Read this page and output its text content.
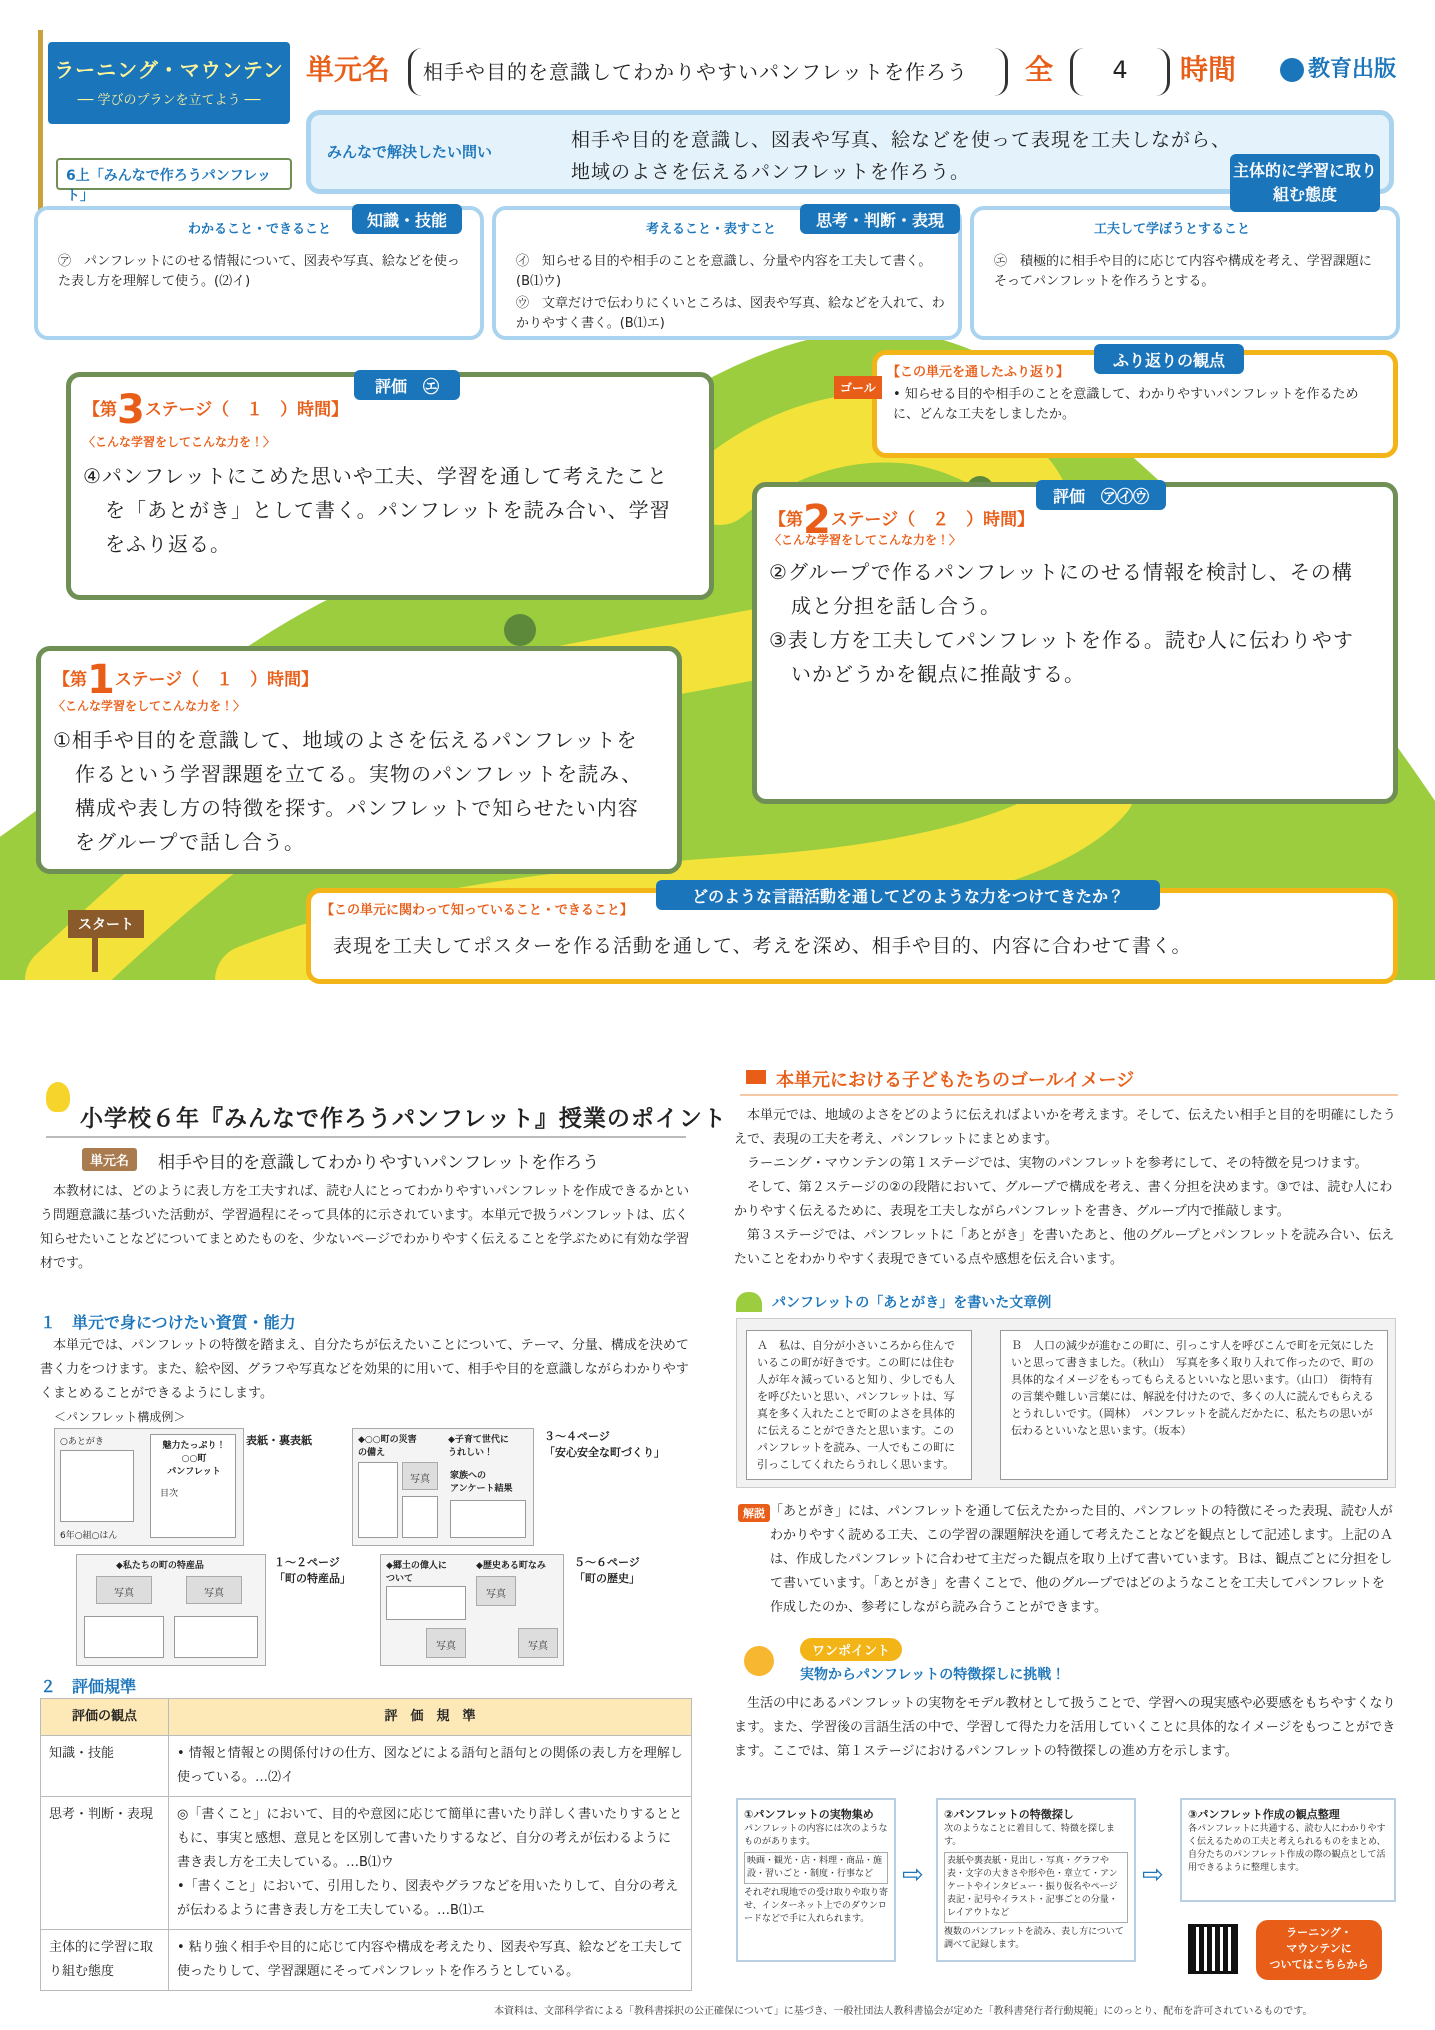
ラーニング・マウンテン
── 学びのプランを立てよう ──
6上「みんなで作ろうパンフレット」
単元名	相手や目的を意識してわかりやすいパンフレットを作ろう	全	4	時間	教育出版
みんなで解決したい問い
相手や目的を意識し、図表や写真、絵などを使って表現を工夫しながら、
地域のよさを伝えるパンフレットを作ろう。
わかること・できること
㋐　パンフレットにのせる情報について、図表や写真、絵などを使った表し方を理解して使う。(⑵イ)
知識・技能	考えること・表すこと
㋑　知らせる目的や相手のことを意識し、分量や内容を工夫して書く。(B⑴ウ)
㋒　文章だけで伝わりにくいところは、図表や写真、絵などを入れて、わかりやすく書く。(B⑴エ)
思考・判断・表現	工夫して学ぼうとすること
㋓　積極的に相手や目的に応じて内容や構成を考え、学習課題にそってパンフレットを作ろうとする。
主体的に学習に取り組む態度
【第3ステージ（　１　）時間】
〈こんな学習をしてこんな力を！〉
④パンフレットにこめた思いや工夫、学習を通して考えたこと
を「あとがき」として書く。パンフレットを読み合い、学習
をふり返る。
評価　㋓
【この単元を通したふり返り】
• 知らせる目的や相手のことを意識して、わかりやすいパンフレットを作るために、どんな工夫をしましたか。
ふり返りの観点
ゴール
【第2ステージ（　２　）時間】
〈こんな学習をしてこんな力を！〉
②グループで作るパンフレットにのせる情報を検討し、その構
成と分担を話し合う。
③表し方を工夫してパンフレットを作る。読む人に伝わりやす
いかどうかを観点に推敲する。
評価　㋐㋑㋒
【第1ステージ（　１　）時間】
〈こんな学習をしてこんな力を！〉
①相手や目的を意識して、地域のよさを伝えるパンフレットを
作るという学習課題を立てる。実物のパンフレットを読み、
構成や表し方の特徴を探す。パンフレットで知らせたい内容
をグループで話し合う。
スタート
【この単元に関わって知っていること・できること】
表現を工夫してポスターを作る活動を通して、考えを深め、相手や目的、内容に合わせて書く。
どのような言語活動を通してどのような力をつけてきたか？
小学校６年『みんなで作ろうパンフレット』授業のポイント
単元名	相手や目的を意識してわかりやすいパンフレットを作ろう
本教材には、どのように表し方を工夫すれば、読む人にとってわかりやすいパンフレットを作成できるかという問題意識に基づいた活動が、学習過程にそって具体的に示されています。本単元で扱うパンフレットは、広く知らせたいことなどについてまとめたものを、少ないページでわかりやすく伝えることを学ぶために有効な学習材です。
１　単元で身につけたい資質・能力
本単元では、パンフレットの特徴を踏まえ、自分たちが伝えたいことについて、テーマ、分量、構成を決めて書く力をつけます。また、絵や図、グラフや写真などを効果的に用いて、相手や目的を意識しながらわかりやすくまとめることができるようにします。
＜パンフレット構成例＞
○あとがき
6年○組○はん
魅力たっぷり！
○○町
パンフレット
目次
表紙・裏表紙	◆○○町の災害
の備え
◆子育て世代に
うれしい！
写真	家族への
アンケート結果
３〜４ページ
「安心安全な町づくり」
◆私たちの町の特産品
写真	写真
１〜２ページ
「町の特産品」
◆郷土の偉人に
ついて
◆歴史ある町なみ
写真
写真
写真
５〜６ページ
「町の歴史」
２　評価規準
評価の観点	評　価　規　準
知識・技能	• 情報と情報との関係付けの仕方、図などによる語句と語句との関係の表し方を理解し使っている。…⑵イ
思考・判断・表現	◎「書くこと」において、目的や意図に応じて簡単に書いたり詳しく書いたりするとともに、事実と感想、意見とを区別して書いたりするなど、自分の考えが伝わるように書き表し方を工夫している。…B⑴ウ
•「書くこと」において、引用したり、図表やグラフなどを用いたりして、自分の考えが伝わるように書き表し方を工夫している。…B⑴エ
主体的に学習に取り組む態度	• 粘り強く相手や目的に応じて内容や構成を考えたり、図表や写真、絵などを工夫して使ったりして、学習課題にそってパンフレットを作ろうとしている。
本単元における子どもたちのゴールイメージ

本単元では、地域のよさをどのように伝えればよいかを考えます。そして、伝えたい相手と目的を明確にしたうえで、表現の工夫を考え、パンフレットにまとめます。

ラーニング・マウンテンの第１ステージでは、実物のパンフレットを参考にして、その特徴を見つけます。

そして、第２ステージの②の段階において、グループで構成を考え、書く分担を決めます。③では、読む人にわかりやすく伝えるために、表現を工夫しながらパンフレットを書き、グループ内で推敲します。

第３ステージでは、パンフレットに「あとがき」を書いたあと、他のグループとパンフレットを読み合い、伝えたいことをわかりやすく表現できている点や感想を伝え合います。

パンフレットの「あとがき」を書いた文章例
Ａ　私は、自分が小さいころから住んでいるこの町が好きです。この町には住む人が年々減っていると知り、少しでも人を呼びたいと思い、パンフレットは、写真を多く入れたことで町のよさを具体的に伝えることができたと思います。このパンフレットを読み、一人でもこの町に引っこしてくれたらうれしく思います。
Ｂ　人口の減少が進むこの町に、引っこす人を呼びこんで町を元気にしたいと思って書きました。（秋山）　写真を多く取り入れて作ったので、町の具体的なイメージをもってもらえるといいなと思います。（山口）　街特有の言葉や難しい言葉には、解説を付けたので、多くの人に読んでもらえるとうれしいです。（岡林）　パンフレットを読んだかたに、私たちの思いが伝わるといいなと思います。（坂本）
解説 「あとがき」には、パンフレットを通して伝えたかった目的、パンフレットの特徴にそった表現、読む人がわかりやすく読める工夫、この学習の課題解決を通して考えたことなどを観点として記述します。上記のＡは、作成したパンフレットに合わせて主だった観点を取り上げて書いています。Ｂは、観点ごとに分担をして書いています。「あとがき」を書くことで、他のグループではどのようなことを工夫してパンフレットを作成したのか、参考にしながら読み合うことができます。
ワンポイント
実物からパンフレットの特徴探しに挑戦！
生活の中にあるパンフレットの実物をモデル教材として扱うことで、学習への現実感や必要感をもちやすくなります。また、学習後の言語生活の中で、学習して得た力を活用していくことに具体的なイメージをもつことができます。ここでは、第１ステージにおけるパンフレットの特徴探しの進め方を示します。
①パンフレットの実物集め
パンフレットの内容には次のようなものがあります。
映画・観光・店・料理・商品・施設・習いごと・制度・行事など
それぞれ現地での受け取りや取り寄せ、インターネット上でのダウンロードなどで手に入れられます。
⇨
②パンフレットの特徴探し
次のようなことに着目して、特徴を探します。
表紙や裏表紙・見出し・写真・グラフや表・文字の大きさや形や色・章立て・アンケートやインタビュー・振り仮名やページ表記・記号やイラスト・記事ごとの分量・レイアウトなど
複数のパンフレットを読み、表し方について調べて記録します。
⇨
③パンフレット作成の観点整理
各パンフレットに共通する、読む人にわかりやすく伝えるための工夫と考えられるものをまとめ、自分たちのパンフレット作成の際の観点として活用できるように整理します。
ラーニング・
マウンテンに
ついてはこちらから
本資料は、文部科学省による「教科書採択の公正確保について」に基づき、一般社団法人教科書協会が定めた「教科書発行者行動規範」にのっとり、配布を許可されているものです。
